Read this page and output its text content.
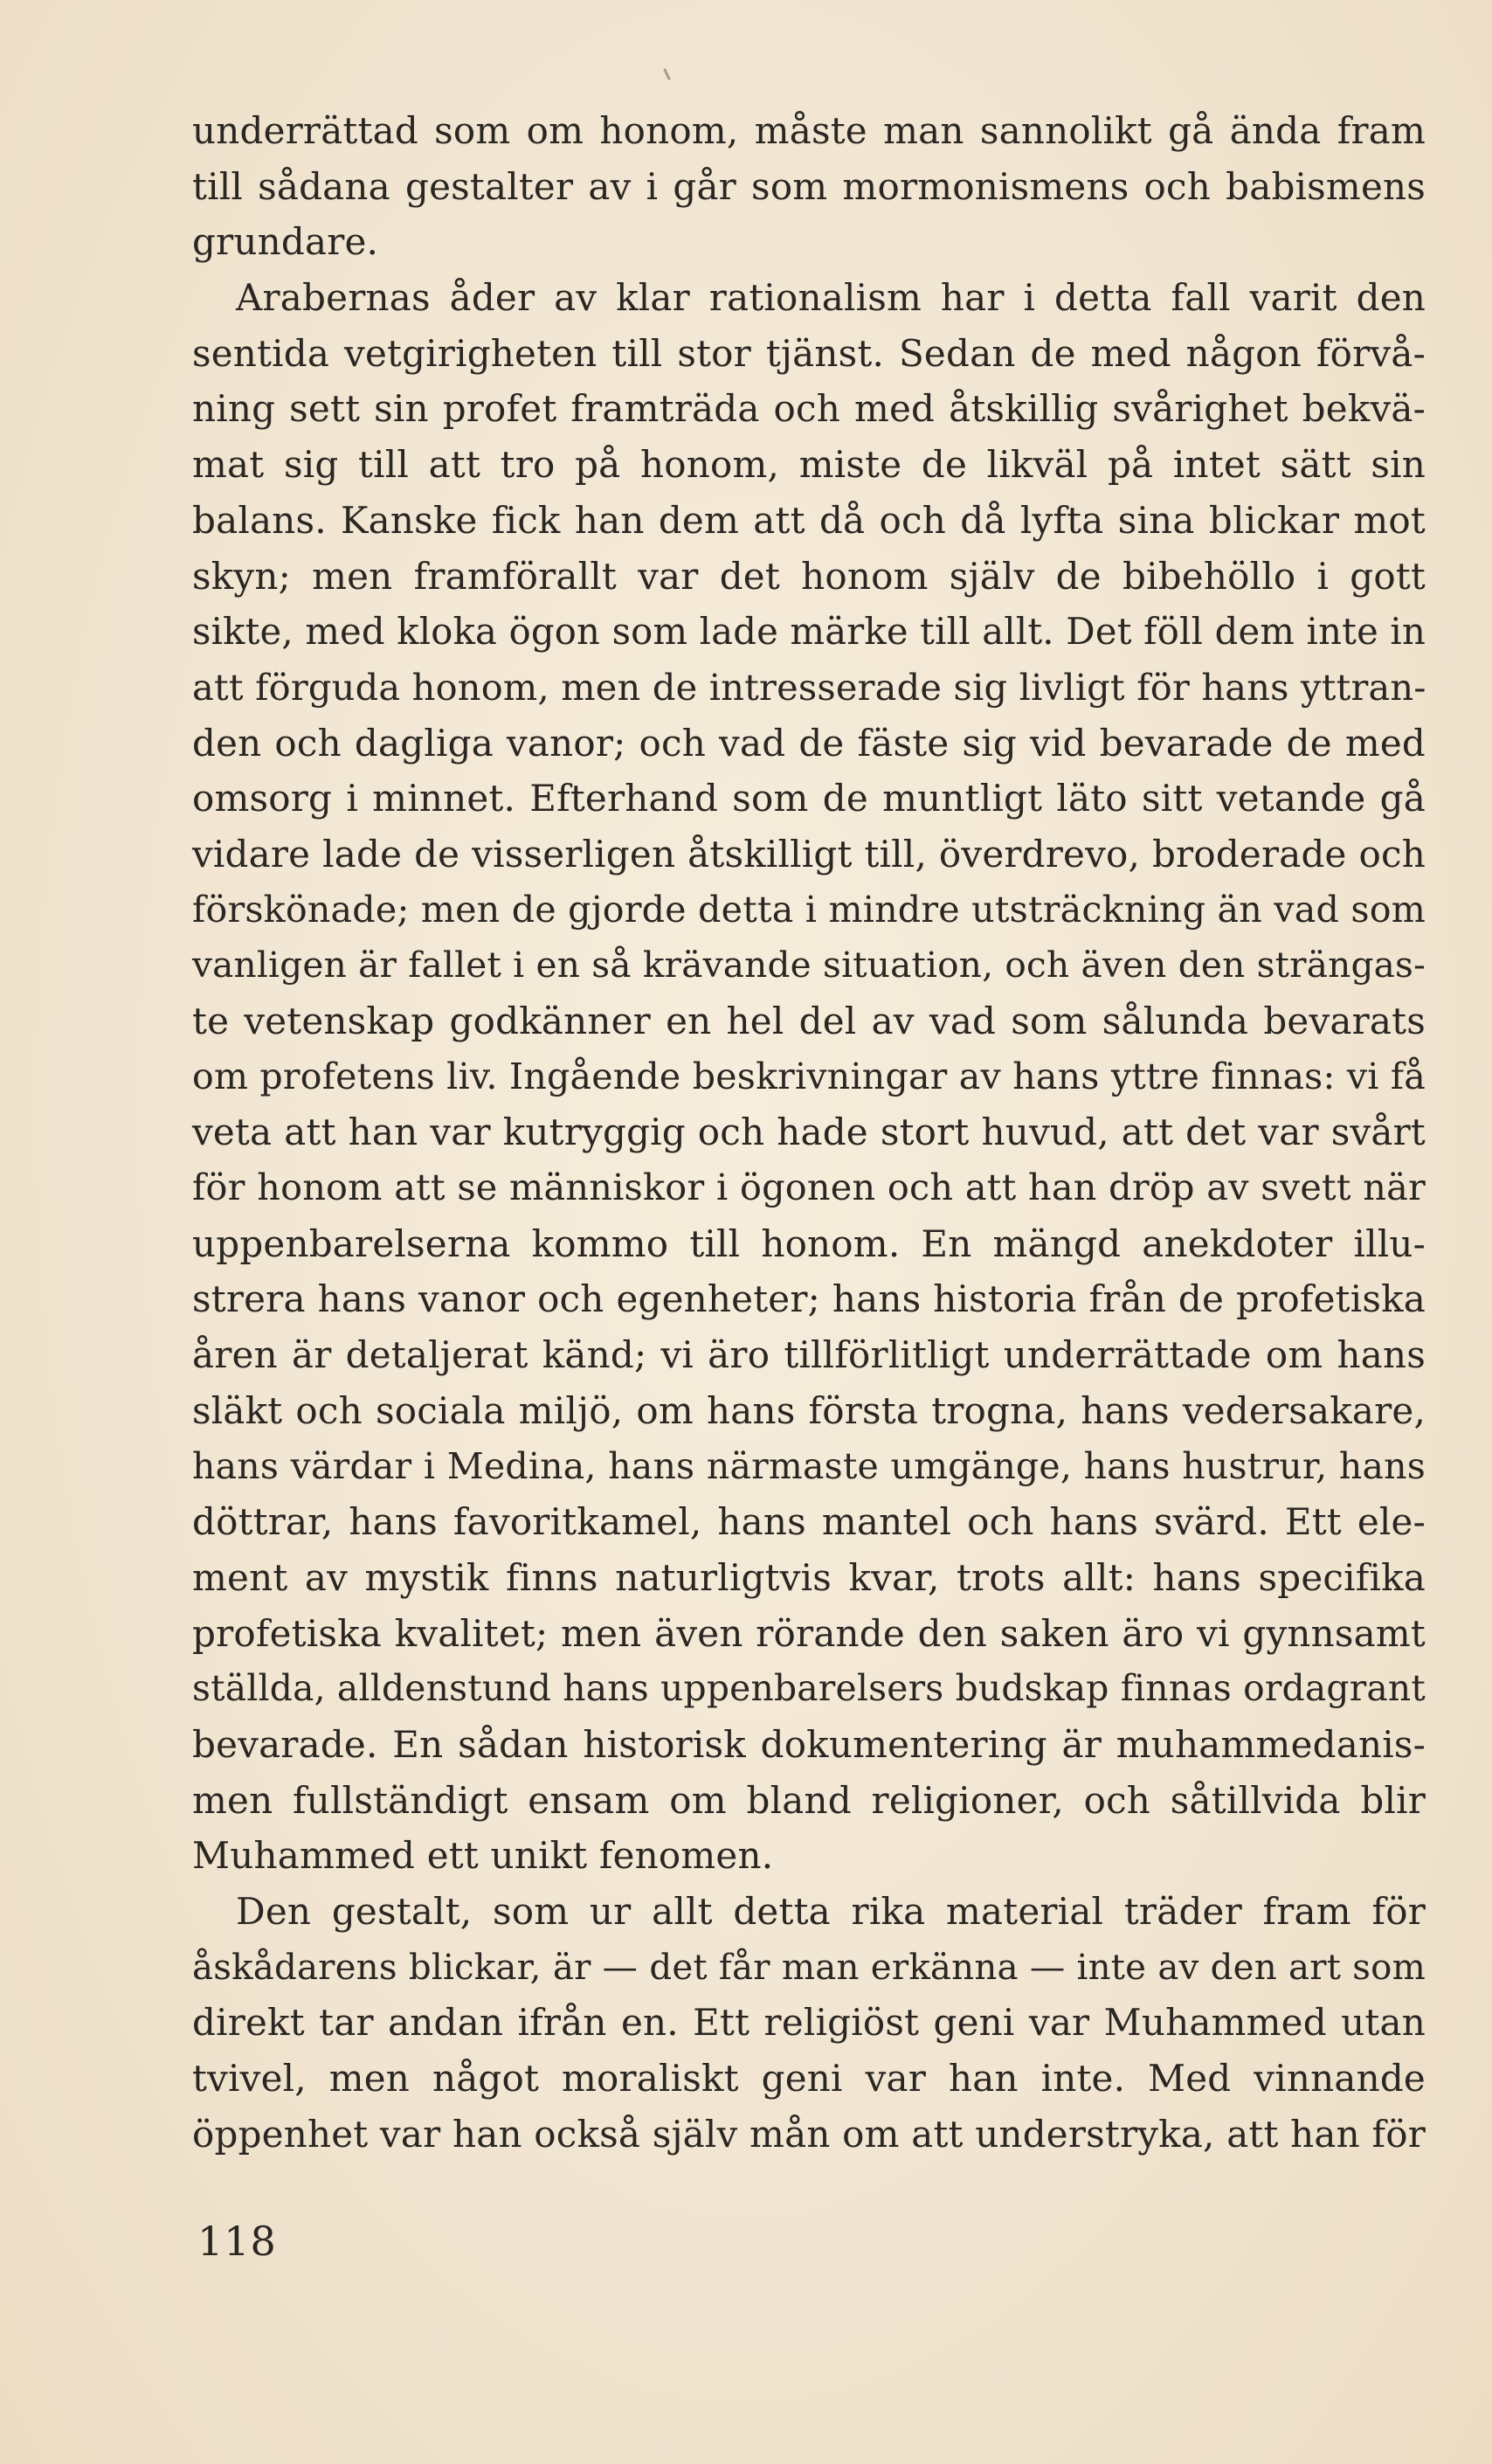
underrättad som om honom, måste man sannolikt gå ända fram
till sådana gestalter av i går som mormonismens och babismens
grundare.
Arabernas åder av klar rationalism har i detta fall varit den
sentida vetgirigheten till stor tjänst. Sedan de med någon förvå-
ning sett sin profet framträda och med åtskillig svårighet bekvä-
mat sig till att tro på honom, miste de likväl på intet sätt sin
balans. Kanske fick han dem att då och då lyfta sina blickar mot
skyn; men framförallt var det honom själv de bibehöllo i gott
sikte, med kloka ögon som lade märke till allt. Det föll dem inte in
att förguda honom, men de intresserade sig livligt för hans yttran-
den och dagliga vanor; och vad de fäste sig vid bevarade de med
omsorg i minnet. Efterhand som de muntligt läto sitt vetande gå
vidare lade de visserligen åtskilligt till, överdrevo, broderade och
förskönade; men de gjorde detta i mindre utsträckning än vad som
vanligen är fallet i en så krävande situation, och även den strängas-
te vetenskap godkänner en hel del av vad som sålunda bevarats
om profetens liv. Ingående beskrivningar av hans yttre finnas: vi få
veta att han var kutryggig och hade stort huvud, att det var svårt
för honom att se människor i ögonen och att han dröp av svett när
uppenbarelserna kommo till honom. En mängd anekdoter illu-
strera hans vanor och egenheter; hans historia från de profetiska
åren är detaljerat känd; vi äro tillförlitligt underrättade om hans
släkt och sociala miljö, om hans första trogna, hans vedersakare,
hans värdar i Medina, hans närmaste umgänge, hans hustrur, hans
döttrar, hans favoritkamel, hans mantel och hans svärd. Ett ele-
ment av mystik finns naturligtvis kvar, trots allt: hans specifika
profetiska kvalitet; men även rörande den saken äro vi gynnsamt
ställda, alldenstund hans uppenbarelsers budskap finnas ordagrant
bevarade. En sådan historisk dokumentering är muhammedanis-
men fullständigt ensam om bland religioner, och såtillvida blir
Muhammed ett unikt fenomen.
Den gestalt, som ur allt detta rika material träder fram för
åskådarens blickar, är — det får man erkänna — inte av den art som
direkt tar andan ifrån en. Ett religiöst geni var Muhammed utan
tvivel, men något moraliskt geni var han inte. Med vinnande
öppenhet var han också själv mån om att understryka, att han för
118
